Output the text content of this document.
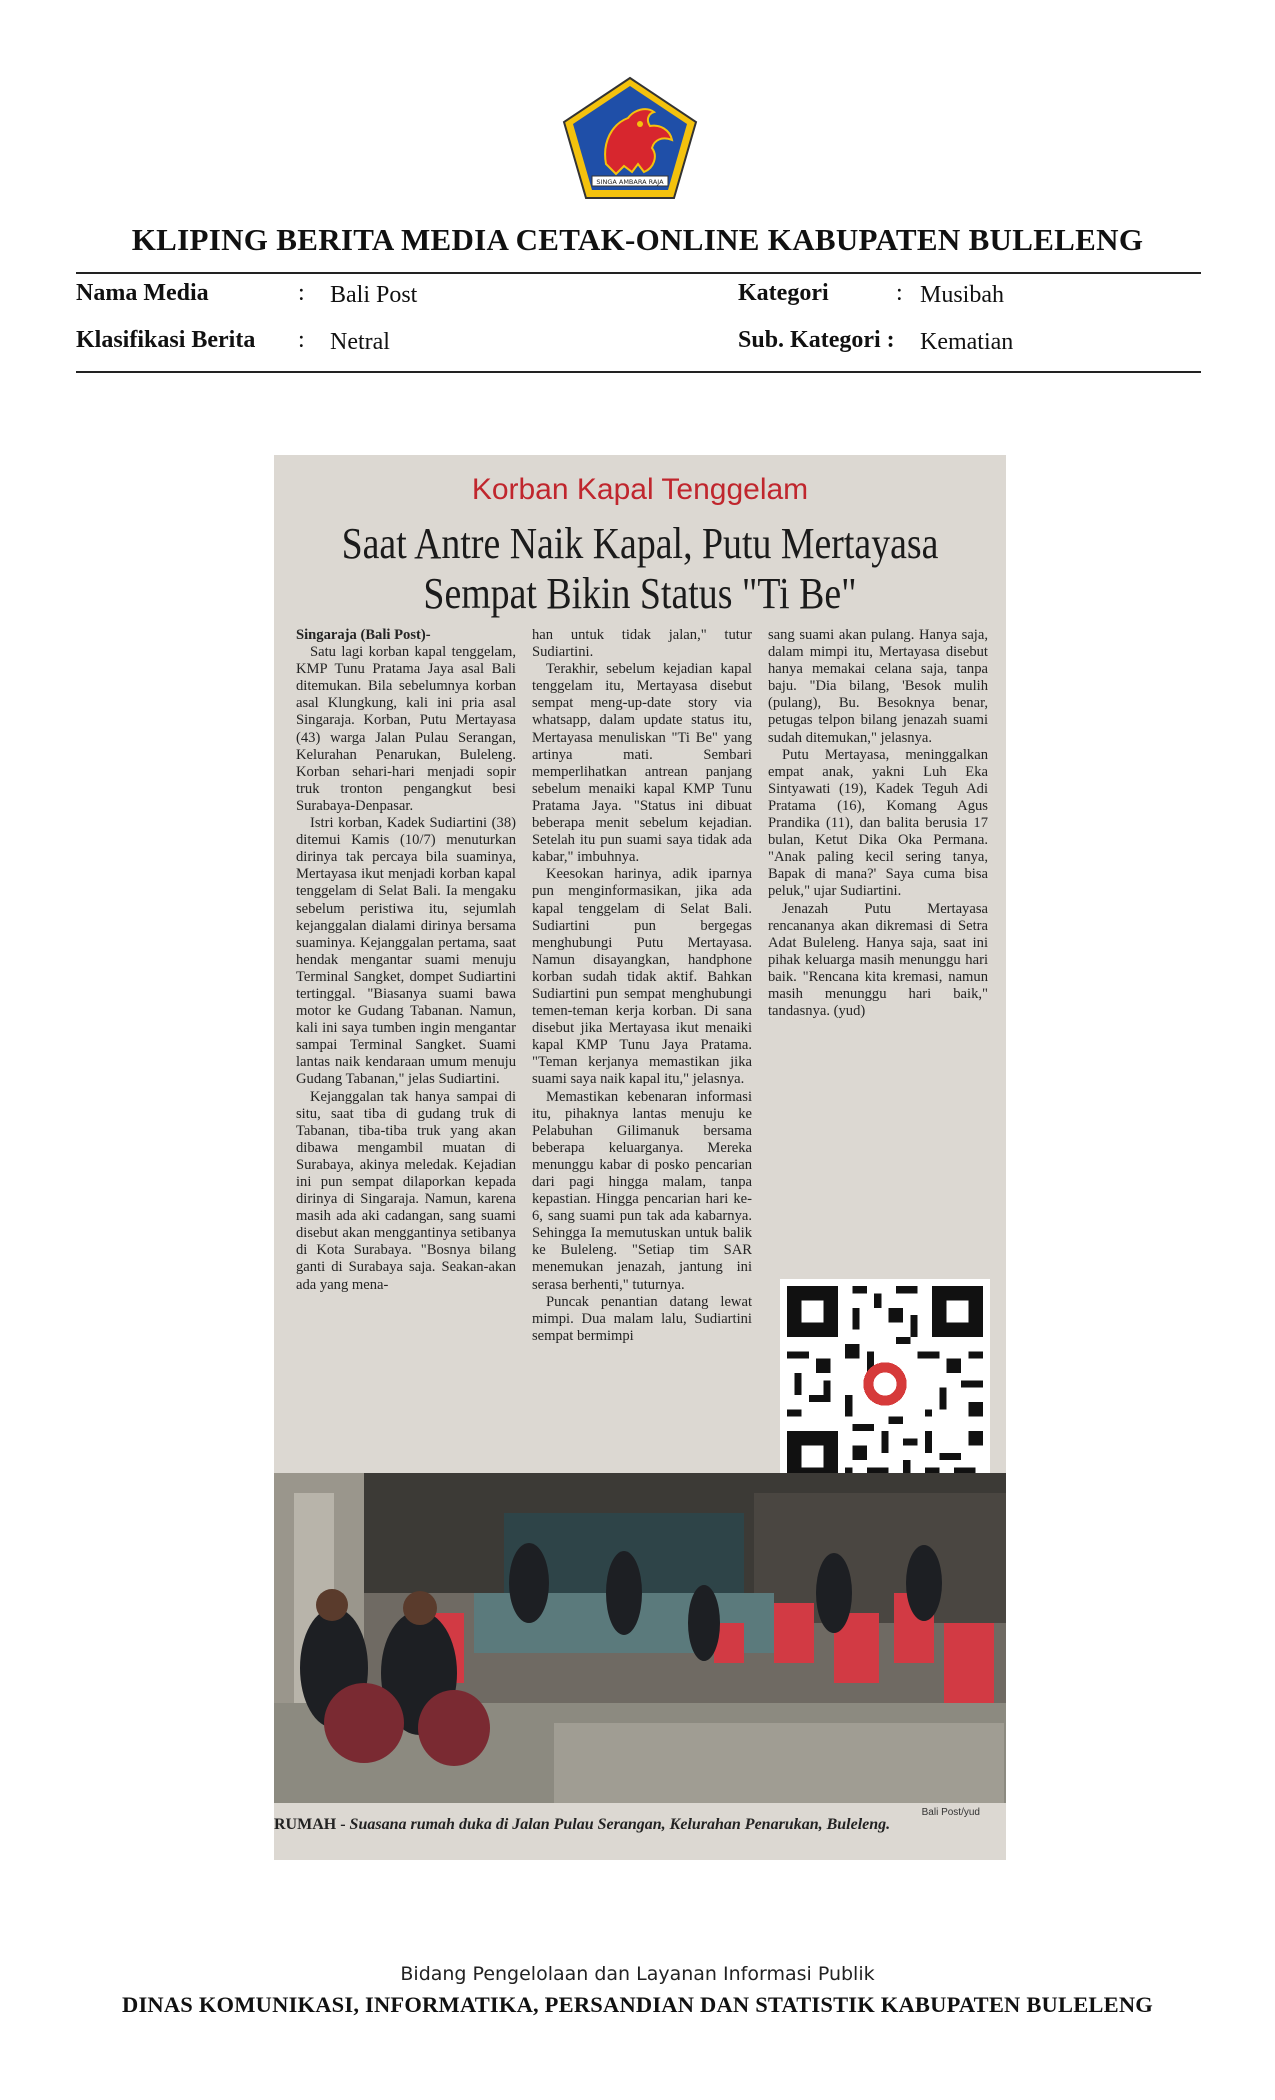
SINGA AMBARA RAJA
KLIPING BERITA MEDIA CETAK-ONLINE KABUPATEN BULELENG
Nama Media	: Bali Post
Klasifikasi Berita : Netral
Kategori	: Musibah
Sub. Kategori : Kematian
Korban Kapal Tenggelam
Saat Antre Naik Kapal, Putu Mertayasa
Sempat Bikin Status "Ti Be"

Singaraja (Bali Post)-

Satu lagi korban kapal tenggelam, KMP Tunu Pratama Jaya asal Bali ditemukan. Bila sebelumnya korban asal Klungkung, kali ini pria asal Singaraja. Korban, Putu Mertayasa (43) warga Jalan Pulau Serangan, Kelurahan Penarukan, Buleleng. Korban sehari-hari menjadi sopir truk tronton pengangkut besi Surabaya-Denpasar.

Istri korban, Kadek Sudiartini (38) ditemui Kamis (10/7) menuturkan dirinya tak percaya bila suaminya, Mertayasa ikut menjadi korban kapal tenggelam di Selat Bali. Ia mengaku sebelum peristiwa itu, sejumlah kejanggalan dialami dirinya bersama suaminya. Kejanggalan pertama, saat hendak mengantar suami menuju Terminal Sangket, dompet Sudiartini tertinggal. "Biasanya suami bawa motor ke Gudang Tabanan. Namun, kali ini saya tumben ingin mengantar sampai Terminal Sangket. Suami lantas naik kendaraan umum menuju Gudang Tabanan," jelas Sudiartini.

Kejanggalan tak hanya sampai di situ, saat tiba di gudang truk di Tabanan, tiba-tiba truk yang akan dibawa mengambil muatan di Surabaya, akinya meledak. Kejadian ini pun sempat dilaporkan kepada dirinya di Singaraja. Namun, karena masih ada aki cadangan, sang suami disebut akan menggantinya setibanya di Kota Surabaya. "Bosnya bilang ganti di Surabaya saja. Seakan-akan ada yang mena-

han untuk tidak jalan," tutur Sudiartini.

Terakhir, sebelum kejadian kapal tenggelam itu, Mertayasa disebut sempat meng-up-date story via whatsapp, dalam update status itu, Mertayasa menuliskan "Ti Be" yang artinya mati. Sembari memperlihatkan antrean panjang sebelum menaiki kapal KMP Tunu Pratama Jaya. "Status ini dibuat beberapa menit sebelum kejadian. Setelah itu pun suami saya tidak ada kabar," imbuhnya.

Keesokan harinya, adik iparnya pun menginformasikan, jika ada kapal tenggelam di Selat Bali. Sudiartini pun bergegas menghubungi Putu Mertayasa. Namun disayangkan, handphone korban sudah tidak aktif. Bahkan Sudiartini pun sempat menghubungi temen-teman kerja korban. Di sana disebut jika Mertayasa ikut menaiki kapal KMP Tunu Jaya Pratama. "Teman kerjanya memastikan jika suami saya naik kapal itu," jelasnya.

Memastikan kebenaran informasi itu, pihaknya lantas menuju ke Pelabuhan Gilimanuk bersama beberapa keluarganya. Mereka menunggu kabar di posko pencarian dari pagi hingga malam, tanpa kepastian. Hingga pencarian hari ke-6, sang suami pun tak ada kabarnya. Sehingga Ia memutuskan untuk balik ke Buleleng. "Setiap tim SAR menemukan jenazah, jantung ini serasa berhenti," tuturnya.

Puncak penantian datang lewat mimpi. Dua malam lalu, Sudiartini sempat bermimpi

sang suami akan pulang. Hanya saja, dalam mimpi itu, Mertayasa disebut hanya memakai celana saja, tanpa baju. "Dia bilang, 'Besok mulih (pulang), Bu. Besoknya benar, petugas telpon bilang jenazah suami sudah ditemukan," jelasnya.

Putu Mertayasa, meninggalkan empat anak, yakni Luh Eka Sintyawati (19), Kadek Teguh Adi Pratama (16), Komang Agus Prandika (11), dan balita berusia 17 bulan, Ketut Dika Oka Permana. "Anak paling kecil sering tanya, Bapak di mana?' Saya cuma bisa peluk," ujar Sudiartini.

Jenazah Putu Mertayasa rencananya akan dikremasi di Setra Adat Buleleng. Hanya saja, saat ini pihak keluarga masih menunggu hari baik. "Rencana kita kremasi, namun masih menunggu hari baik," tandasnya. (yud)

Bali Post/yud
RUMAH - Suasana rumah duka di Jalan Pulau Serangan, Kelurahan Penarukan, Buleleng.
Bidang Pengelolaan dan Layanan Informasi Publik
DINAS KOMUNIKASI, INFORMATIKA, PERSANDIAN DAN STATISTIK KABUPATEN BULELENG
